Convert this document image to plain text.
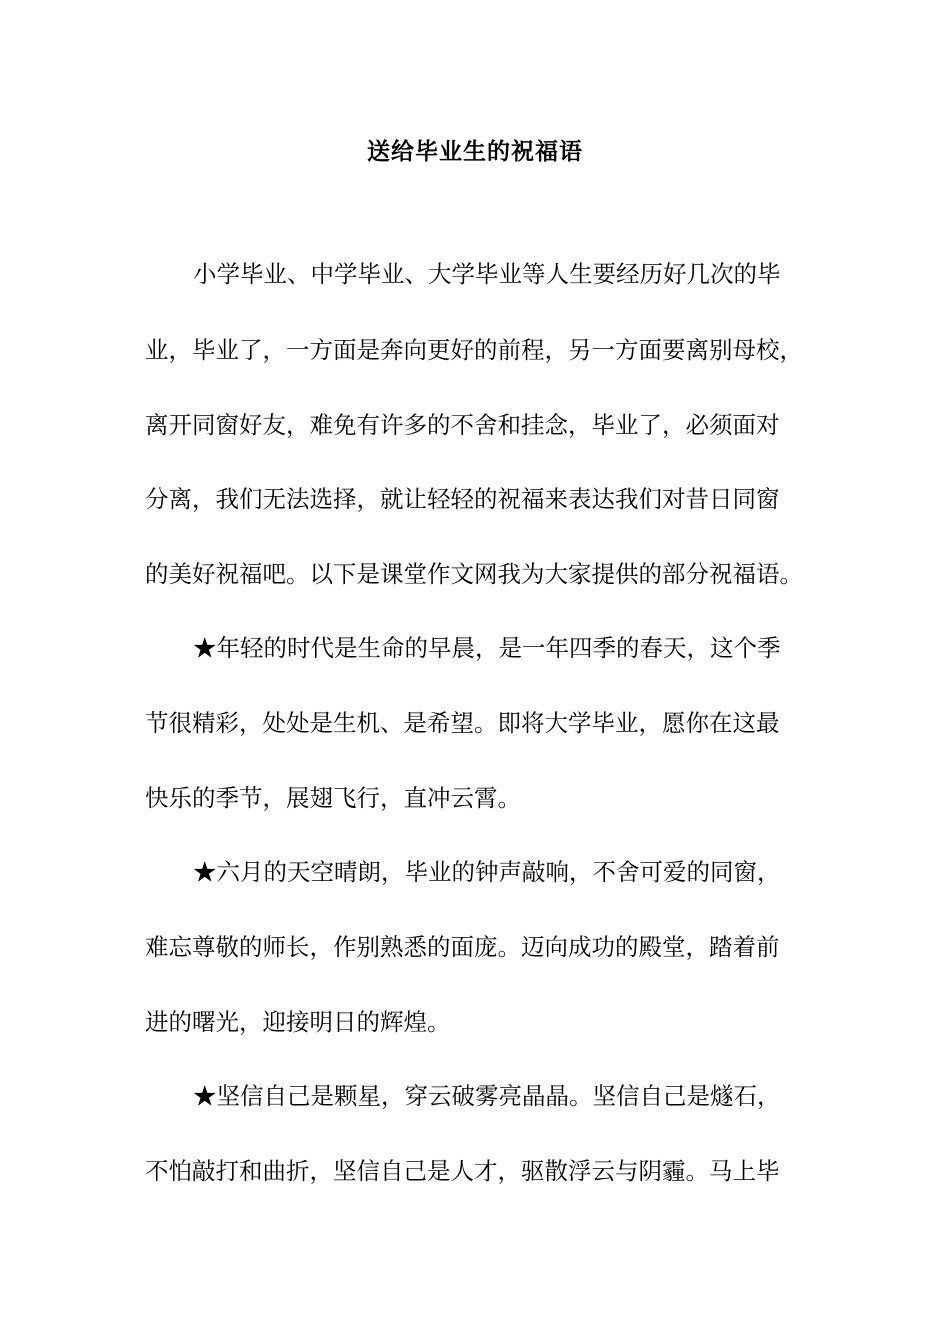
送给毕业生的祝福语
小学毕业、中学毕业、大学毕业等人生要经历好几次的毕
业，毕业了，一方面是奔向更好的前程，另一方面要离别母校，
离开同窗好友，难免有许多的不舍和挂念，毕业了，必须面对
分离，我们无法选择，就让轻轻的祝福来表达我们对昔日同窗
的美好祝福吧。以下是课堂作文网我为大家提供的部分祝福语。
★年轻的时代是生命的早晨，是一年四季的春天，这个季
节很精彩，处处是生机、是希望。即将大学毕业，愿你在这最
快乐的季节，展翅飞行，直冲云霄。
★六月的天空晴朗，毕业的钟声敲响，不舍可爱的同窗，
难忘尊敬的师长，作别熟悉的面庞。迈向成功的殿堂，踏着前
进的曙光，迎接明日的辉煌。
★坚信自己是颗星，穿云破雾亮晶晶。坚信自己是燧石，
不怕敲打和曲折，坚信自己是人才，驱散浮云与阴霾。马上毕
